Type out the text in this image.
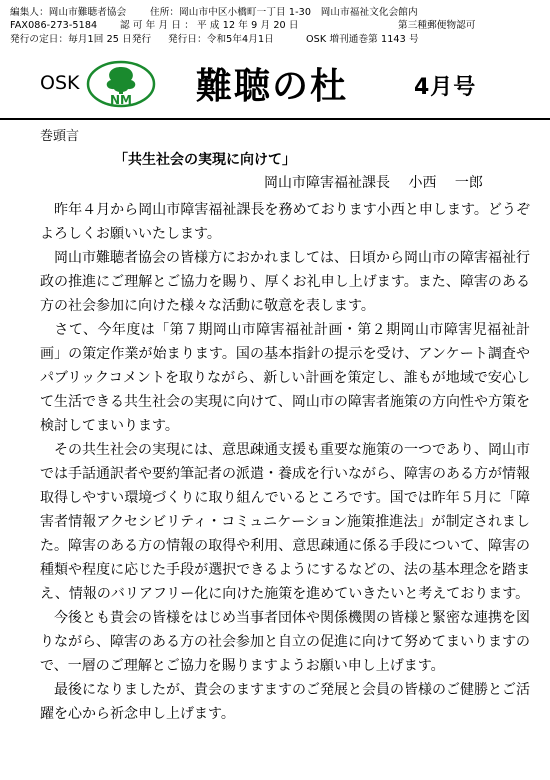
編集人：岡山市難聴者協会	住所：岡山市中区小橋町一丁目 1-30　岡山市福祉文化会館内
FAX086-273-5184	認 可 年 月 日 ： 平 成 12 年 9 月 20 日	第三種郵便物認可
発行の定日：毎月1回 25 日発行	発行日：令和5年4月1日	OSK 増刊通巻第 1143 号
OSK
NM 難聴の杜	4月号
巻頭言
「共生社会の実現に向けて」
岡山市障害福祉課長　 小西　 一郎

　昨年４月から岡山市障害福祉課長を務めております小西と申します。どうぞよろしくお願いいたします。

　岡山市難聴者協会の皆様方におかれましては、日頃から岡山市の障害福祉行政の推進にご理解とご協力を賜り、厚くお礼申し上げます。また、障害のある方の社会参加に向けた様々な活動に敬意を表します。

　さて、今年度は「第７期岡山市障害福祉計画・第２期岡山市障害児福祉計画」の策定作業が始まります。国の基本指針の提示を受け、アンケート調査やパブリックコメントを取りながら、新しい計画を策定し、誰もが地域で安心して生活できる共生社会の実現に向けて、岡山市の障害者施策の方向性や方策を検討してまいります。

　その共生社会の実現には、意思疎通支援も重要な施策の一つであり、岡山市では手話通訳者や要約筆記者の派遣・養成を行いながら、障害のある方が情報取得しやすい環境づくりに取り組んでいるところです。国では昨年５月に「障害者情報アクセシビリティ・コミュニケーション施策推進法」が制定されました。障害のある方の情報の取得や利用、意思疎通に係る手段について、障害の種類や程度に応じた手段が選択できるようにするなどの、法の基本理念を踏まえ、情報のバリアフリー化に向けた施策を進めていきたいと考えております。

　今後とも貴会の皆様をはじめ当事者団体や関係機関の皆様と緊密な連携を図りながら、障害のある方の社会参加と自立の促進に向けて努めてまいりますので、一層のご理解とご協力を賜りますようお願い申し上げます。

　最後になりましたが、貴会のますますのご発展と会員の皆様のご健勝とご活躍を心から祈念申し上げます。
